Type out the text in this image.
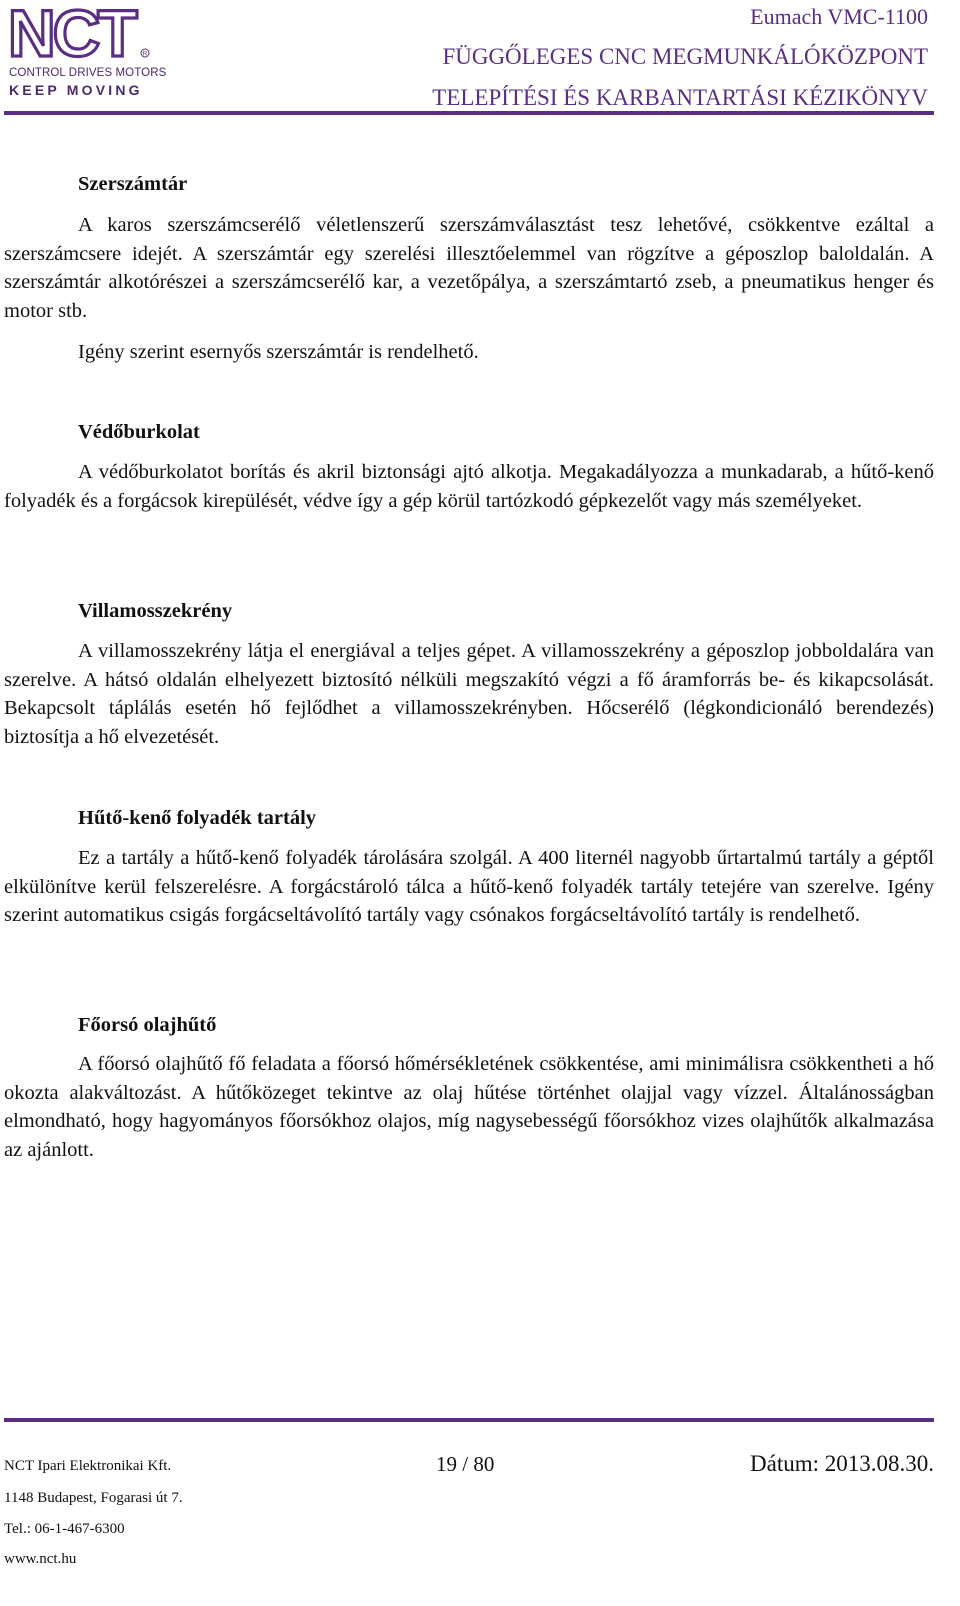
NCT	R
CONTROL DRIVES MOTORS
KEEP MOVING
Eumach VMC-1100
FÜGGŐLEGES CNC MEGMUNKÁLÓKÖZPONT
TELEPÍTÉSI ÉS KARBANTARTÁSI KÉZIKÖNYV
Szerszámtár

A karos szerszámcserélő véletlenszerű szerszámválasztást tesz lehetővé, csökkentve ezáltal a szerszámcsere idejét. A szerszámtár egy szerelési illesztőelemmel van rögzítve a géposzlop baloldalán. A szerszámtár alkotórészei a szerszámcserélő kar, a vezetőpálya, a szerszámtartó zseb, a pneumatikus henger és motor stb.

Igény szerint esernyős szerszámtár is rendelhető.

Védőburkolat

A védőburkolatot borítás és akril biztonsági ajtó alkotja. Megakadályozza a munkadarab, a hűtő-kenő folyadék és a forgácsok kirepülését, védve így a gép körül tartózkodó gépkezelőt vagy más személyeket.

Villamosszekrény

A villamosszekrény látja el energiával a teljes gépet. A villamosszekrény a géposzlop jobboldalára van szerelve. A hátsó oldalán elhelyezett biztosító nélküli megszakító végzi a fő áramforrás be- és kikapcsolását. Bekapcsolt táplálás esetén hő fejlődhet a villamosszekrényben. Hőcserélő (légkondicionáló berendezés) biztosítja a hő elvezetését.

Hűtő-kenő folyadék tartály

Ez a tartály a hűtő-kenő folyadék tárolására szolgál. A 400 liternél nagyobb űrtartalmú tartály a géptől elkülönítve kerül felszerelésre. A forgácstároló tálca a hűtő-kenő folyadék tartály tetejére van szerelve. Igény szerint automatikus csigás forgácseltávolító tartály vagy csónakos forgácseltávolító tartály is rendelhető.

Főorsó olajhűtő

A főorsó olajhűtő fő feladata a főorsó hőmérsékletének csökkentése, ami minimálisra csökkentheti a hő okozta alakváltozást. A hűtőközeget tekintve az olaj hűtése történhet olajjal vagy vízzel. Általánosságban elmondható, hogy hagyományos főorsókhoz olajos, míg nagysebességű főorsókhoz vizes olajhűtők alkalmazása az ajánlott.

NCT Ipari Elektronikai Kft.	19 / 80	Dátum: 2013.08.30.
1148 Budapest, Fogarasi út 7.
Tel.: 06-1-467-6300
www.nct.hu
